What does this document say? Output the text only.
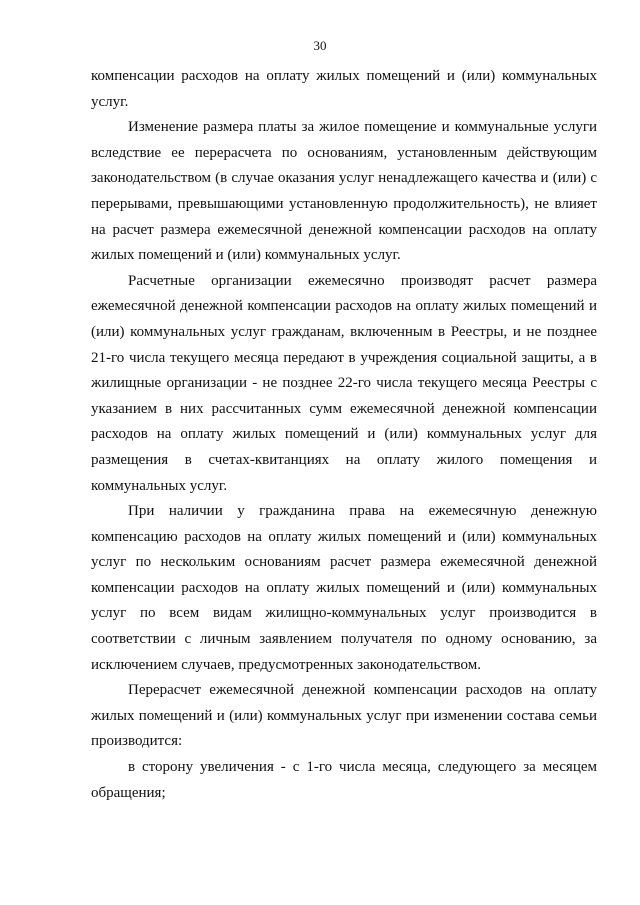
30

компенсации расходов на оплату жилых помещений и (или) коммунальных услуг.

Изменение размера платы за жилое помещение и коммунальные услуги вследствие ее перерасчета по основаниям, установленным действующим законодательством (в случае оказания услуг ненадлежащего качества и (или) с перерывами, превышающими установленную продолжительность), не влияет на расчет размера ежемесячной денежной компенсации расходов на оплату жилых помещений и (или) коммунальных услуг.

Расчетные организации ежемесячно производят расчет размера ежемесячной денежной компенсации расходов на оплату жилых помещений и (или) коммунальных услуг гражданам, включенным в Реестры, и не позднее 21-го числа текущего месяца передают в учреждения социальной защиты, а в жилищные организации - не позднее 22-го числа текущего месяца Реестры с указанием в них рассчитанных сумм ежемесячной денежной компенсации расходов на оплату жилых помещений и (или) коммунальных услуг для размещения в счетах-квитанциях на оплату жилого помещения и коммунальных услуг.

При наличии у гражданина права на ежемесячную денежную компенсацию расходов на оплату жилых помещений и (или) коммунальных услуг по нескольким основаниям расчет размера ежемесячной денежной компенсации расходов на оплату жилых помещений и (или) коммунальных услуг по всем видам жилищно-коммунальных услуг производится в соответствии с личным заявлением получателя по одному основанию, за исключением случаев, предусмотренных законодательством.

Перерасчет ежемесячной денежной компенсации расходов на оплату жилых помещений и (или) коммунальных услуг при изменении состава семьи производится:

в сторону увеличения - с 1-го числа месяца, следующего за месяцем обращения;
